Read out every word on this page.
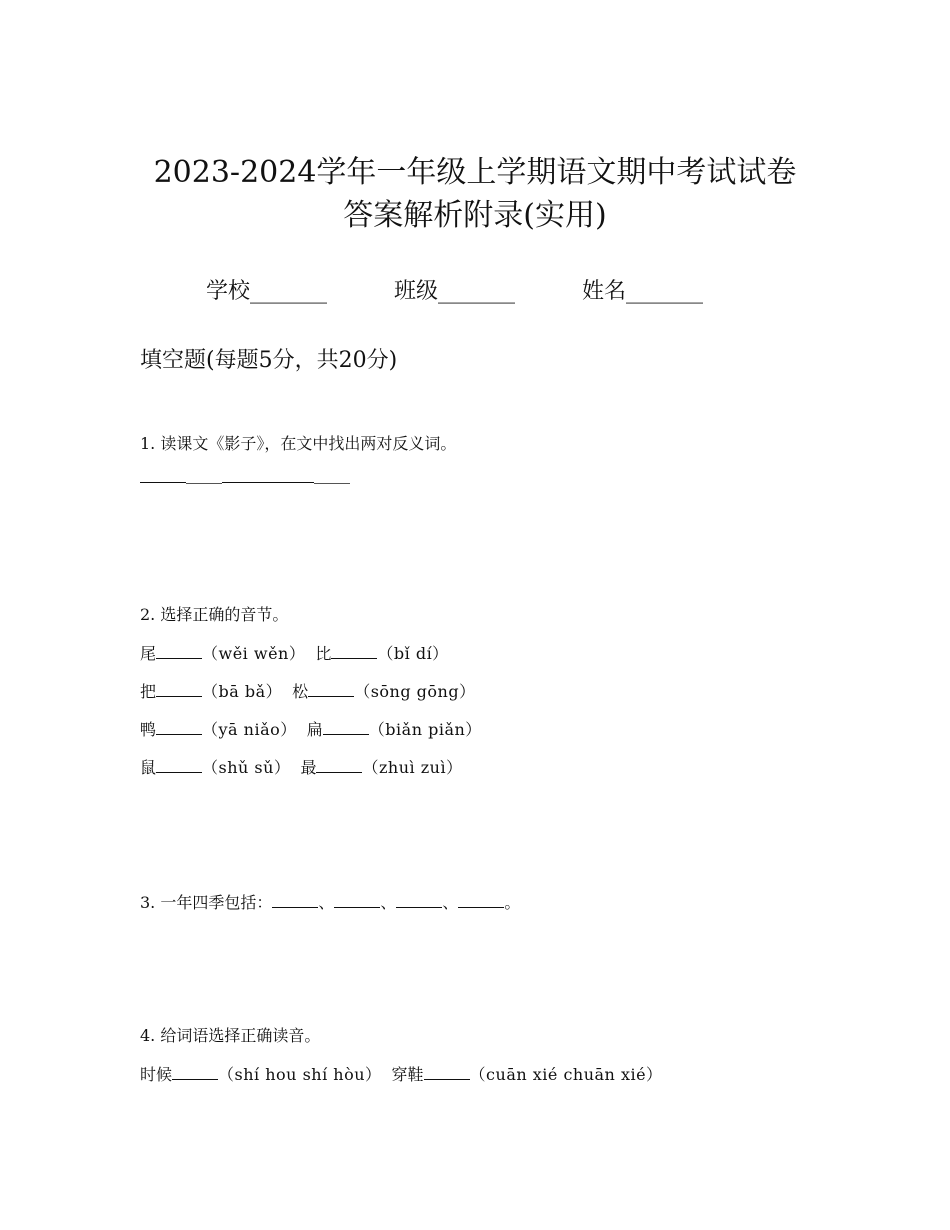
2023-2024学年一年级上学期语文期中考试试卷
答案解析附录(实用)
学校_______	班级_______	姓名_______
填空题(每题5分，共20分)
1. 读课文《影子》，在文中找出两对反义词。
2. 选择正确的音节。
尾	（wěi wěn） 比	（bǐ dí）
把	（bā bǎ） 松	（sōng gōng）
鸭	（yā niǎo） 扁	（biǎn piǎn）
鼠	（shǔ sǔ） 最	（zhuì zuì）
3. 一年四季包括：	、	、	、	。
4. 给词语选择正确读音。
时候	（shí hou shí hòu） 穿鞋	（cuān xié chuān xié）
